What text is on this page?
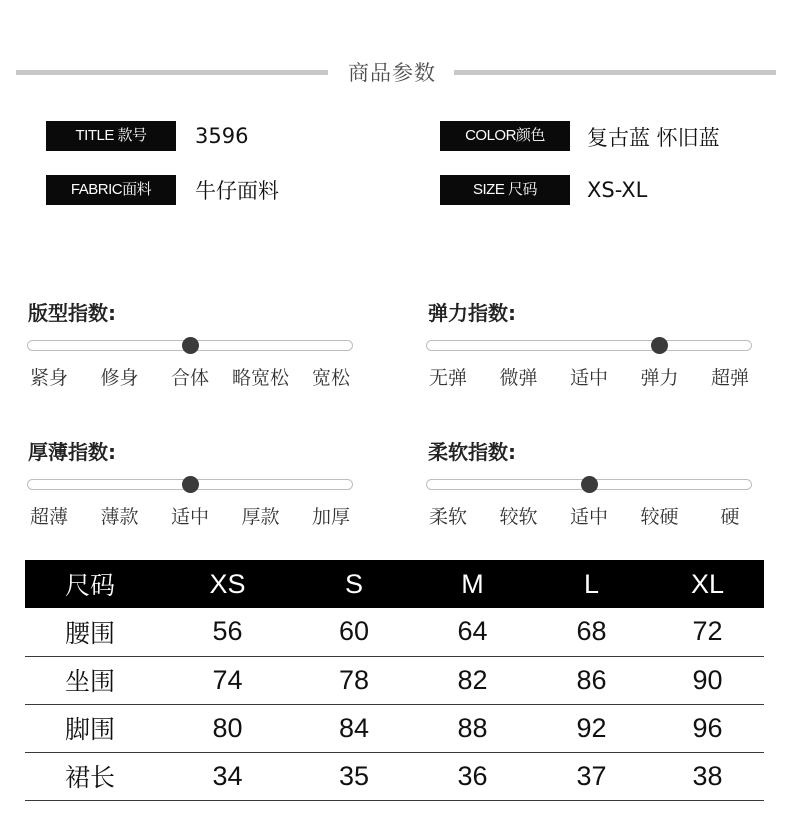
商品参数
TITLE 款号	3596	COLOR颜色	复古蓝 怀旧蓝
FABRIC面料	牛仔面料	SIZE 尺码	XS-XL
版型指数:
紧身 修身 合体 略宽松 宽松
弹力指数:
无弹 微弹 适中 弹力 超弹
厚薄指数:
超薄 薄款 适中 厚款 加厚
柔软指数:
柔软 较软 适中 较硬 硬
尺码	XS	S	M	L	XL
腰围	56	60	64	68	72
坐围	74	78	82	86	90
脚围	80	84	88	92	96
裙长	34	35	36	37	38
